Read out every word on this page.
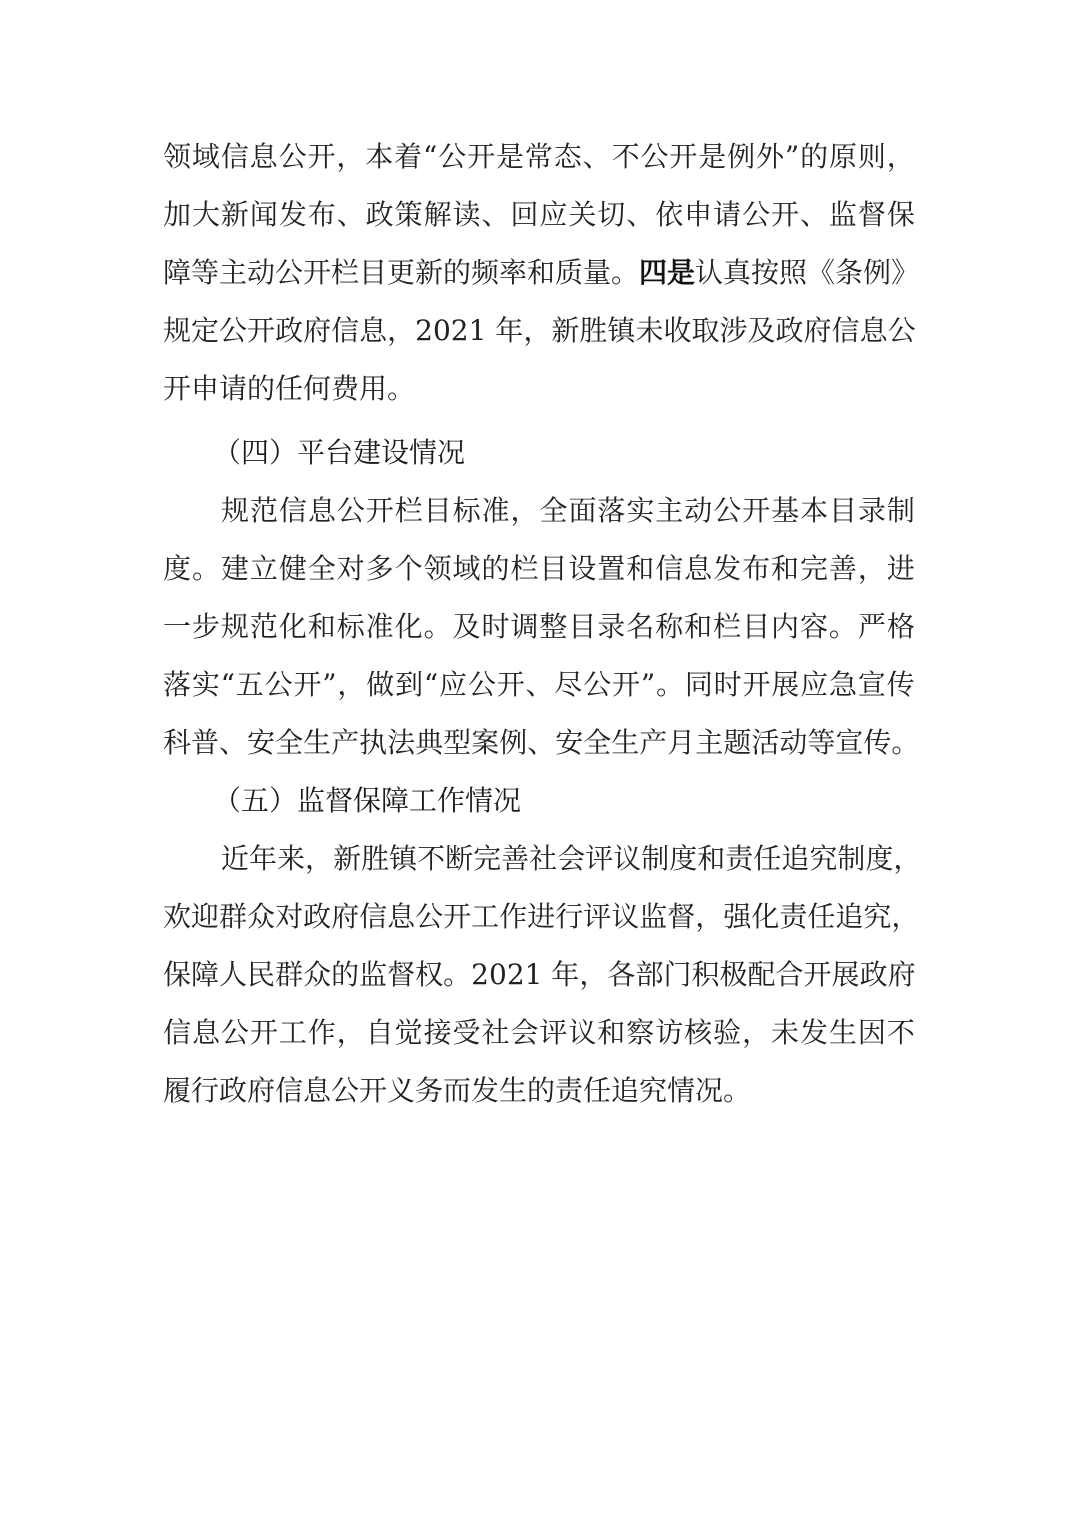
领 域 信 息 公 开 ， 本 着 “ 公 开 是 常 态 、 不 公 开 是 例 外 ” 的 原 则 ，
加 大 新 闻 发 布 、 政 策 解 读 、 回 应 关 切 、 依 申 请 公 开 、 监 督 保
障等主动公开栏目更新的频率和质量。四是认真按照《条例》
规 定 公 开 政 府 信 息 ， 2 0 2 1
年 ， 新 胜 镇 未 收 取 涉 及 政 府 信 息 公
开申请的任何费用。
（四）平台建设情况
规 范 信 息 公 开 栏 目 标 准 ， 全 面 落 实 主 动 公 开 基 本 目 录 制
度 。 建 立 健 全 对 多 个 领 域 的 栏 目 设 置 和 信 息 发 布 和 完 善 ， 进
一 步 规 范 化 和 标 准 化 。 及 时 调 整 目 录 名 称 和 栏 目 内 容 。 严 格
落 实 “ 五 公 开 ” ， 做 到 “ 应 公 开 、 尽 公 开 ” 。 同 时 开 展 应 急 宣 传
科 普 、 安 全 生 产 执 法 典 型 案 例 、 安 全 生 产 月 主 题 活 动 等 宣 传 。
（五）监督保障工作情况
近 年 来 ， 新 胜 镇 不 断 完 善 社 会 评 议 制 度 和 责 任 追 究 制 度 ，
欢 迎 群 众 对 政 府 信 息 公 开 工 作 进 行 评 议 监 督 ， 强 化 责 任 追 究 ，
保 障 人 民 群 众 的 监 督 权 。 2 0 2 1
年 ， 各 部 门 积 极 配 合 开 展 政 府
信 息 公 开 工 作 ， 自 觉 接 受 社 会 评 议 和 察 访 核 验 ， 未 发 生 因 不
履行政府信息公开义务而发生的责任追究情况。
